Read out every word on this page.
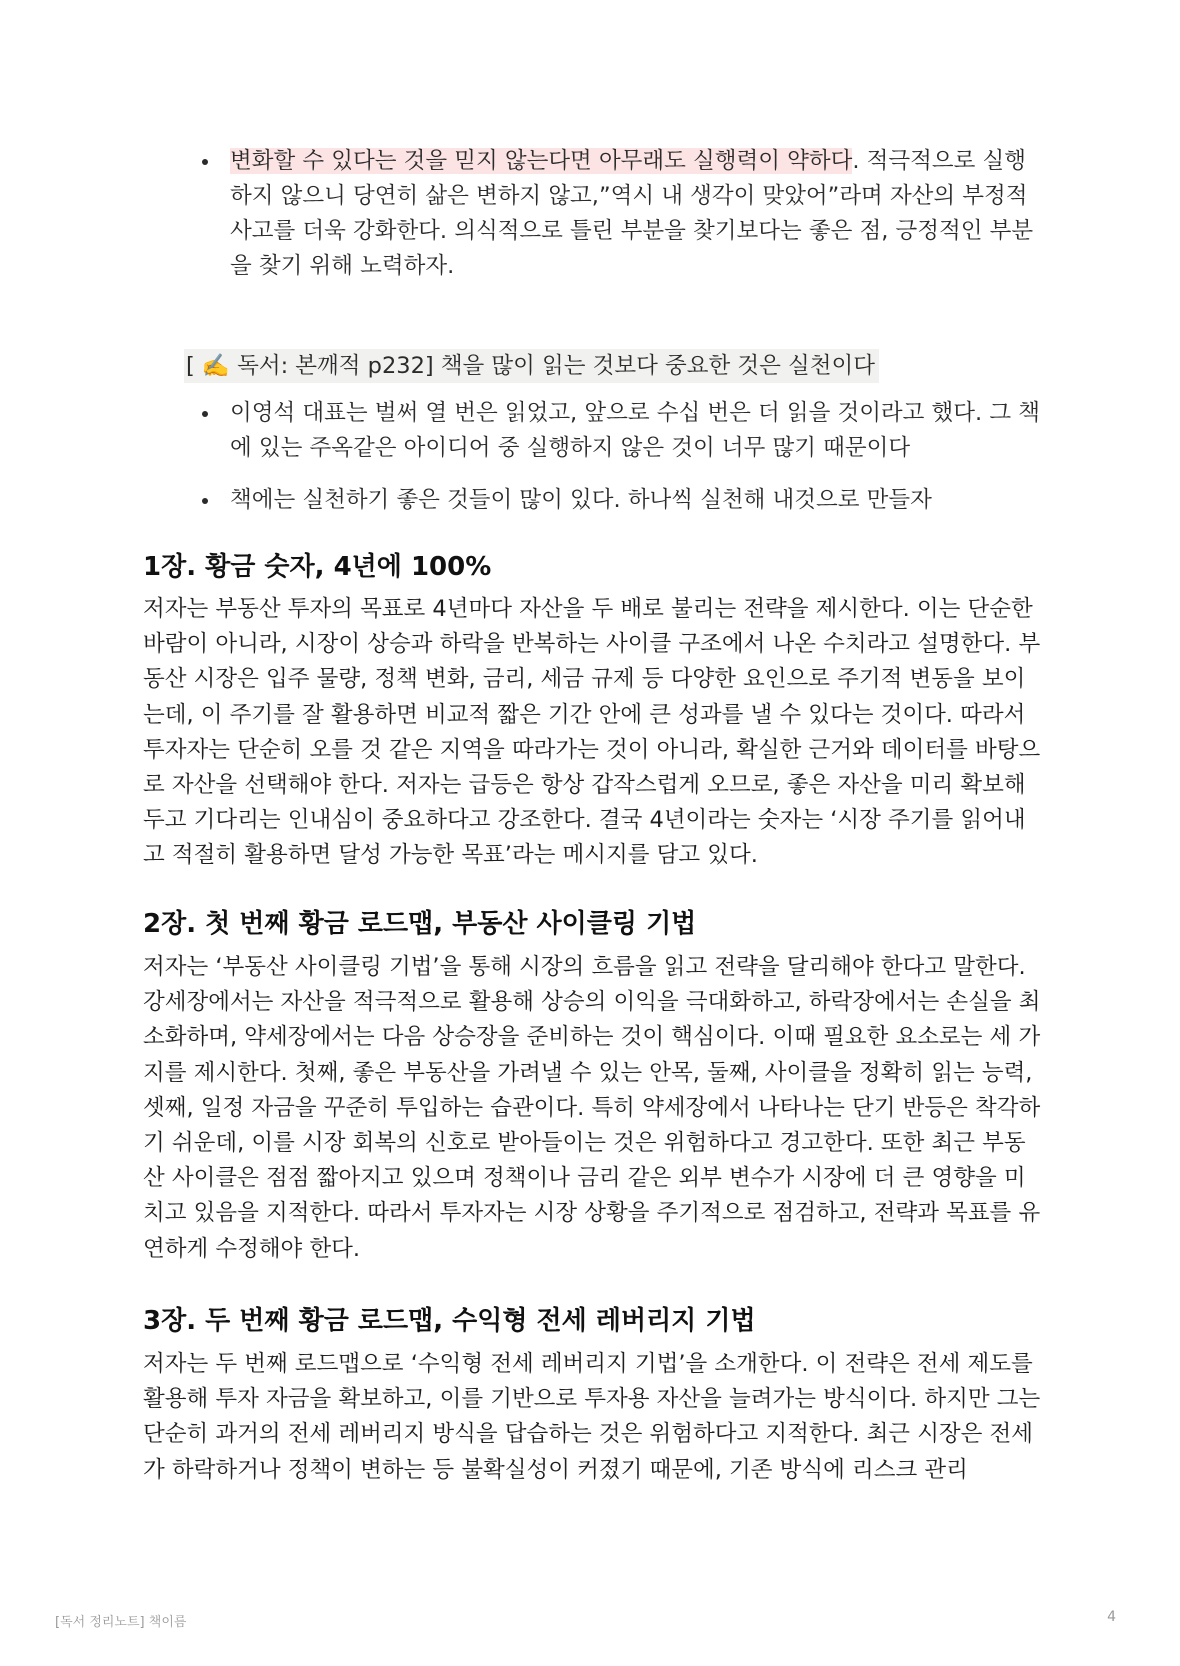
변화할 수 있다는 것을 믿지 않는다면 아무래도 실행력이 약하다. 적극적으로 실행하지 않으니 당연히 삶은 변하지 않고,”역시 내 생각이 맞았어”라며 자산의 부정적 사고를 더욱 강화한다. 의식적으로 틀린 부분을 찾기보다는 좋은 점, 긍정적인 부분을 찾기 위해 노력하자.
[ ✍️ 독서: 본깨적 p232] 책을 많이 읽는 것보다 중요한 것은 실천이다
이영석 대표는 벌써 열 번은 읽었고, 앞으로 수십 번은 더 읽을 것이라고 했다. 그 책에 있는 주옥같은 아이디어 중 실행하지 않은 것이 너무 많기 때문이다
책에는 실천하기 좋은 것들이 많이 있다. 하나씩 실천해 내것으로 만들자
1장. 황금 숫자, 4년에 100%

저자는 부동산 투자의 목표로 4년마다 자산을 두 배로 불리는 전략을 제시한다. 이는 단순한 바람이 아니라, 시장이 상승과 하락을 반복하는 사이클 구조에서 나온 수치라고 설명한다. 부동산 시장은 입주 물량, 정책 변화, 금리, 세금 규제 등 다양한 요인으로 주기적 변동을 보이는데, 이 주기를 잘 활용하면 비교적 짧은 기간 안에 큰 성과를 낼 수 있다는 것이다. 따라서 투자자는 단순히 오를 것 같은 지역을 따라가는 것이 아니라, 확실한 근거와 데이터를 바탕으로 자산을 선택해야 한다. 저자는 급등은 항상 갑작스럽게 오므로, 좋은 자산을 미리 확보해 두고 기다리는 인내심이 중요하다고 강조한다. 결국 4년이라는 숫자는 ‘시장 주기를 읽어내고 적절히 활용하면 달성 가능한 목표’라는 메시지를 담고 있다.

2장. 첫 번째 황금 로드맵, 부동산 사이클링 기법

저자는 ‘부동산 사이클링 기법’을 통해 시장의 흐름을 읽고 전략을 달리해야 한다고 말한다. 강세장에서는 자산을 적극적으로 활용해 상승의 이익을 극대화하고, 하락장에서는 손실을 최소화하며, 약세장에서는 다음 상승장을 준비하는 것이 핵심이다. 이때 필요한 요소로는 세 가지를 제시한다. 첫째, 좋은 부동산을 가려낼 수 있는 안목, 둘째, 사이클을 정확히 읽는 능력, 셋째, 일정 자금을 꾸준히 투입하는 습관이다. 특히 약세장에서 나타나는 단기 반등은 착각하기 쉬운데, 이를 시장 회복의 신호로 받아들이는 것은 위험하다고 경고한다. 또한 최근 부동산 사이클은 점점 짧아지고 있으며 정책이나 금리 같은 외부 변수가 시장에 더 큰 영향을 미치고 있음을 지적한다. 따라서 투자자는 시장 상황을 주기적으로 점검하고, 전략과 목표를 유연하게 수정해야 한다.

3장. 두 번째 황금 로드맵, 수익형 전세 레버리지 기법

저자는 두 번째 로드맵으로 ‘수익형 전세 레버리지 기법’을 소개한다. 이 전략은 전세 제도를 활용해 투자 자금을 확보하고, 이를 기반으로 투자용 자산을 늘려가는 방식이다. 하지만 그는 단순히 과거의 전세 레버리지 방식을 답습하는 것은 위험하다고 지적한다. 최근 시장은 전세가 하락하거나 정책이 변하는 등 불확실성이 커졌기 때문에, 기존 방식에 리스크 관리

[독서 정리노트] 책이름	4
